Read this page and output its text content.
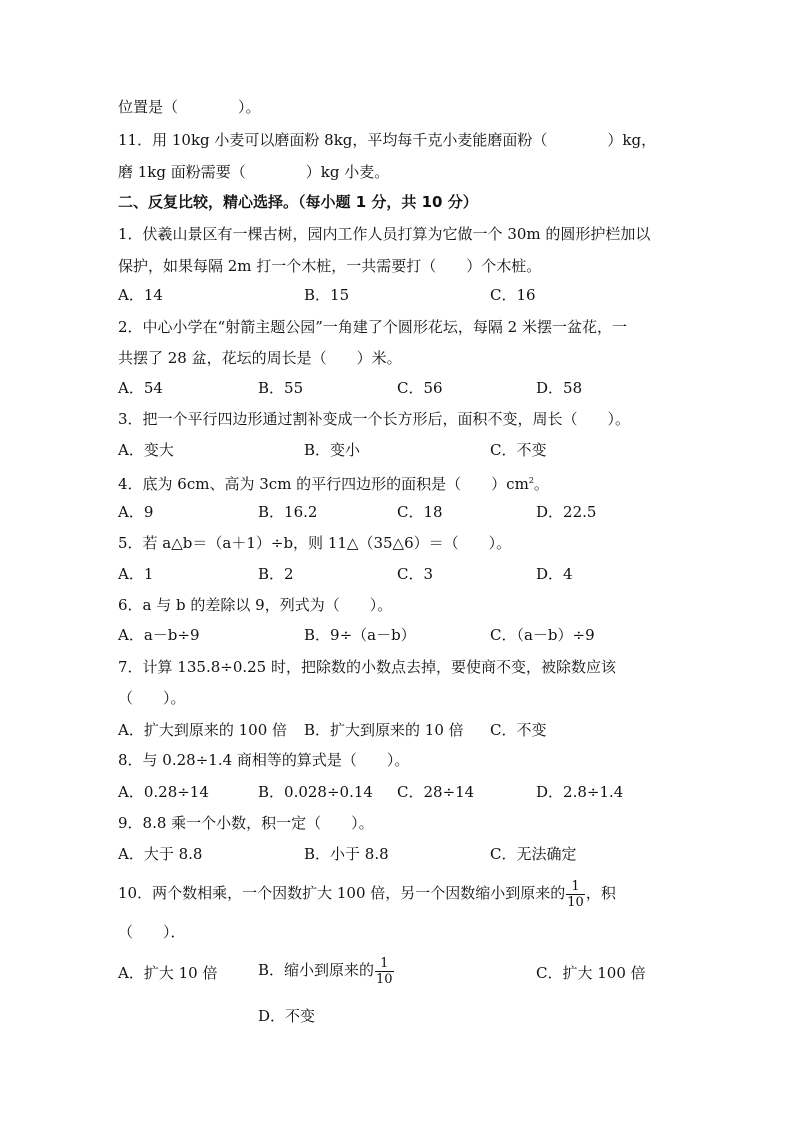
位置是（　　　　）。
11．用 10kg 小麦可以磨面粉 8kg，平均每千克小麦能磨面粉（　　　　）kg，
磨 1kg 面粉需要（　　　　）kg 小麦。
二、反复比较，精心选择。（每小题 1 分，共 10 分）
1．伏羲山景区有一棵古树，园内工作人员打算为它做一个 30m 的圆形护栏加以
保护，如果每隔 2m 打一个木桩，一共需要打（　　）个木桩。
A．14	B．15	C．16
2．中心小学在“射箭主题公园”一角建了个圆形花坛，每隔 2 米摆一盆花，一
共摆了 28 盆，花坛的周长是（　　）米。
A．54	B．55	C．56	D．58
3．把一个平行四边形通过割补变成一个长方形后，面积不变，周长（　　）。
A．变大	B．变小	C．不变
4．底为 6cm、高为 3cm 的平行四边形的面积是（　　）$cm^2$。
A．9	B．16.2	C．18	D．22.5
5．若 a△b＝（a＋1）÷b，则 11△（35△6）＝（　　）。
A．1	B．2	C．3	D．4
6．a 与 b 的差除以 9，列式为（　　）。
A．a－b÷9	B．9÷（a－b）	C．（a－b）÷9
7．计算 135.8÷0.25 时，把除数的小数点去掉，要使商不变，被除数应该
（　　）。
A．扩大到原来的 100 倍 B．扩大到原来的 10 倍 C．不变
8．与 0.28÷1.4 商相等的算式是（　　）。
A．0.28÷14	B．0.028÷0.14 C．28÷14	D．2.8÷1.4
9．8.8 乘一个小数，积一定（　　）。
A．大于 8.8	B．小于 8.8	C．无法确定
10．两个数相乘，一个因数扩大 100 倍，另一个因数缩小到原来的 $\frac{1}{10}$ ，积
（　　）．
A．扩大 10 倍	B．缩小到原来的 $\frac{1}{10}$	C．扩大 100 倍
D．不变
